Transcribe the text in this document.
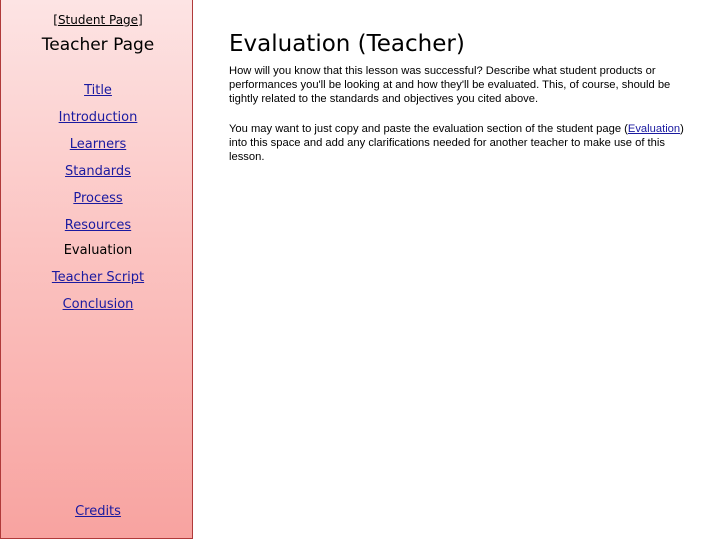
[Student Page]
Teacher Page
Title
Introduction
Learners
Standards
Process
Resources
Evaluation
Teacher Script
Conclusion
Credits
Evaluation (Teacher)

How will you know that this lesson was successful? Describe what student products or performances you'll be looking at and how they'll be evaluated. This, of course, should be tightly related to the standards and objectives you cited above.

You may want to just copy and paste the evaluation section of the student page (Evaluation) into this space and add any clarifications needed for another teacher to make use of this lesson.
